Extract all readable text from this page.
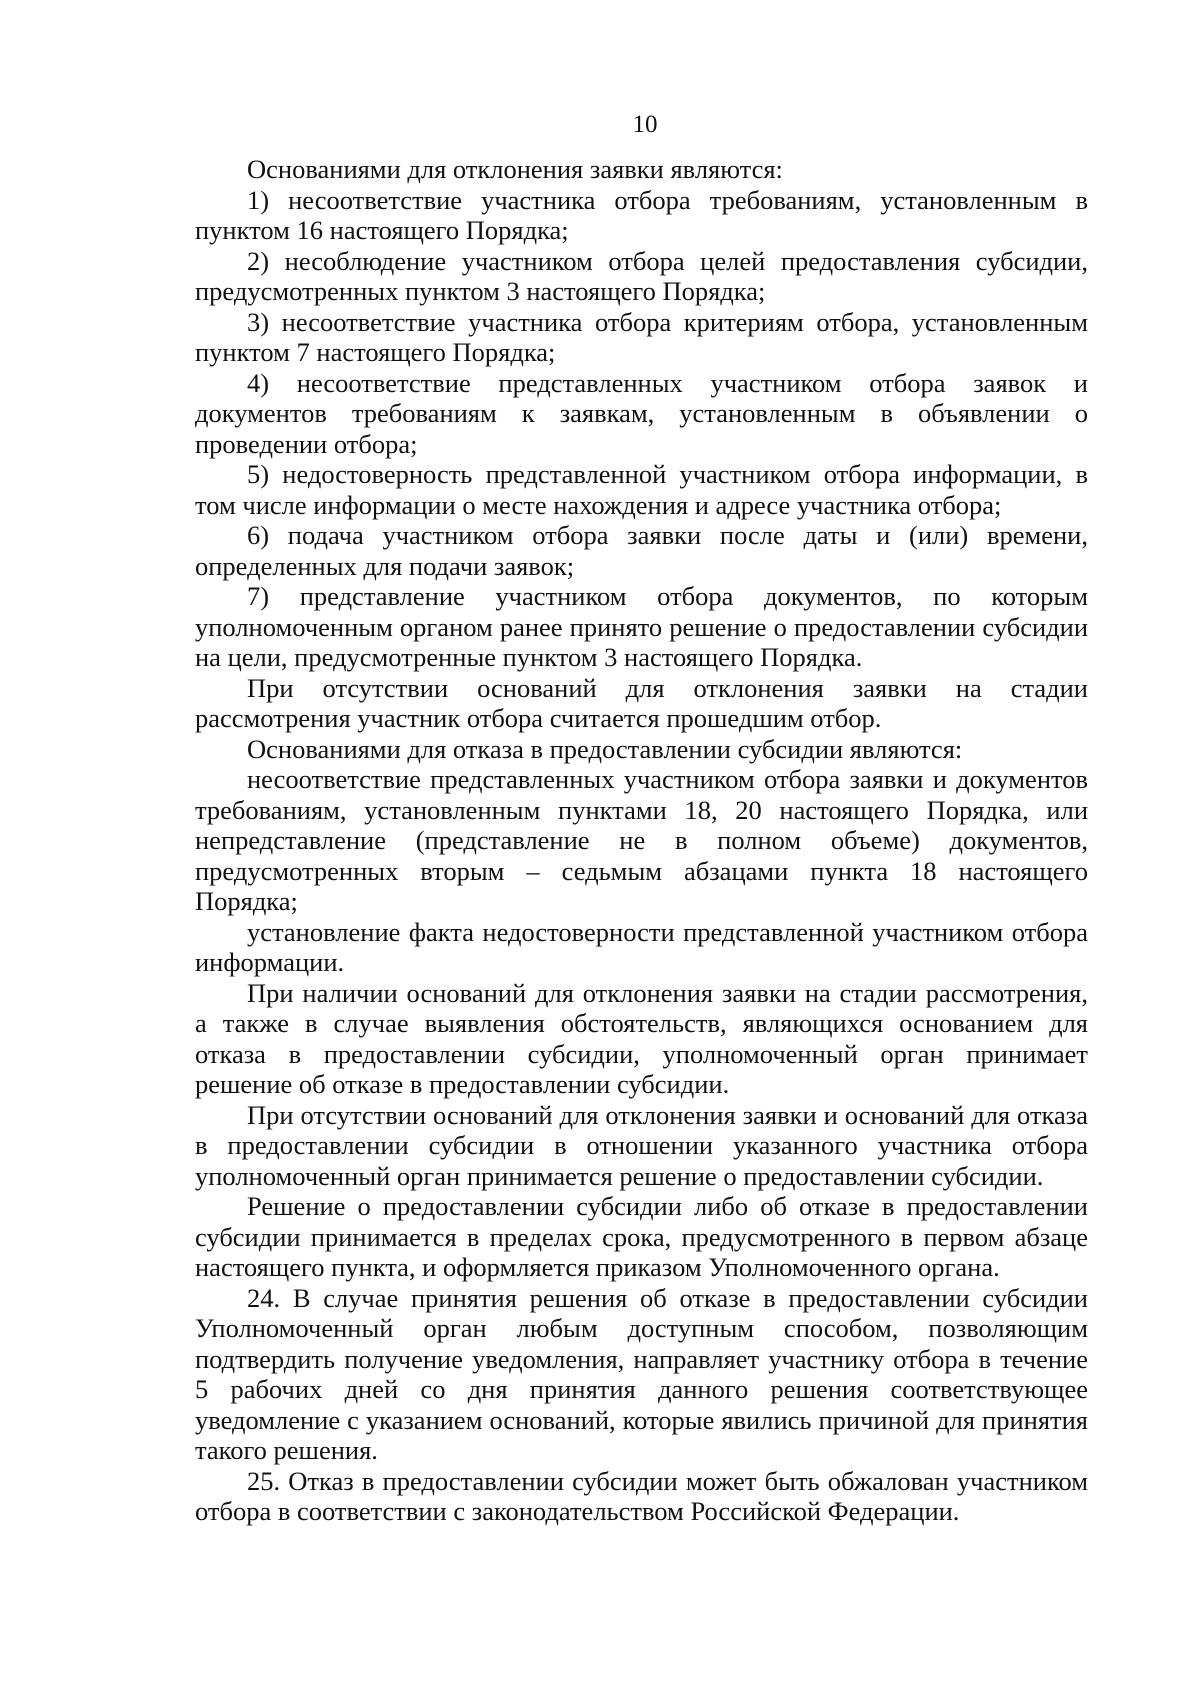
10

Основаниями для отклонения заявки являются:

1) несоответствие участника отбора требованиям, установленным в пунктом 16 настоящего Порядка;

2) несоблюдение участником отбора целей предоставления субсидии, предусмотренных пунктом 3 настоящего Порядка;

3) несоответствие участника отбора критериям отбора, установленным пунктом 7 настоящего Порядка;

4) несоответствие представленных участником отбора заявок и документов требованиям к заявкам, установленным в объявлении о проведении отбора;

5) недостоверность представленной участником отбора информации, в том числе информации о месте нахождения и адресе участника отбора;

6) подача участником отбора заявки после даты и (или) времени, определенных для подачи заявок;

7) представление участником отбора документов, по которым уполномоченным органом ранее принято решение о предоставлении субсидии на цели, предусмотренные пунктом 3 настоящего Порядка.

При отсутствии оснований для отклонения заявки на стадии рассмотрения участник отбора считается прошедшим отбор.

Основаниями для отказа в предоставлении субсидии являются:

несоответствие представленных участником отбора заявки и документов требованиям, установленным пунктами 18, 20 настоящего Порядка, или непредставление (представление не в полном объеме) документов, предусмотренных вторым – седьмым абзацами пункта 18 настоящего Порядка;

установление факта недостоверности представленной участником отбора информации.

При наличии оснований для отклонения заявки на стадии рассмотрения, а также в случае выявления обстоятельств, являющихся основанием для отказа в предоставлении субсидии, уполномоченный орган принимает решение об отказе в предоставлении субсидии.

При отсутствии оснований для отклонения заявки и оснований для отказа в предоставлении субсидии в отношении указанного участника отбора уполномоченный орган принимается решение о предоставлении субсидии.

Решение о предоставлении субсидии либо об отказе в предоставлении субсидии принимается в пределах срока, предусмотренного в первом абзаце настоящего пункта, и оформляется приказом Уполномоченного органа.

24. В случае принятия решения об отказе в предоставлении субсидии Уполномоченный орган любым доступным способом, позволяющим подтвердить получение уведомления, направляет участнику отбора в течение 5 рабочих дней со дня принятия данного решения соответствующее уведомление с указанием оснований, которые явились причиной для принятия такого решения.

25. Отказ в предоставлении субсидии может быть обжалован участником отбора в соответствии с законодательством Российской Федерации.
